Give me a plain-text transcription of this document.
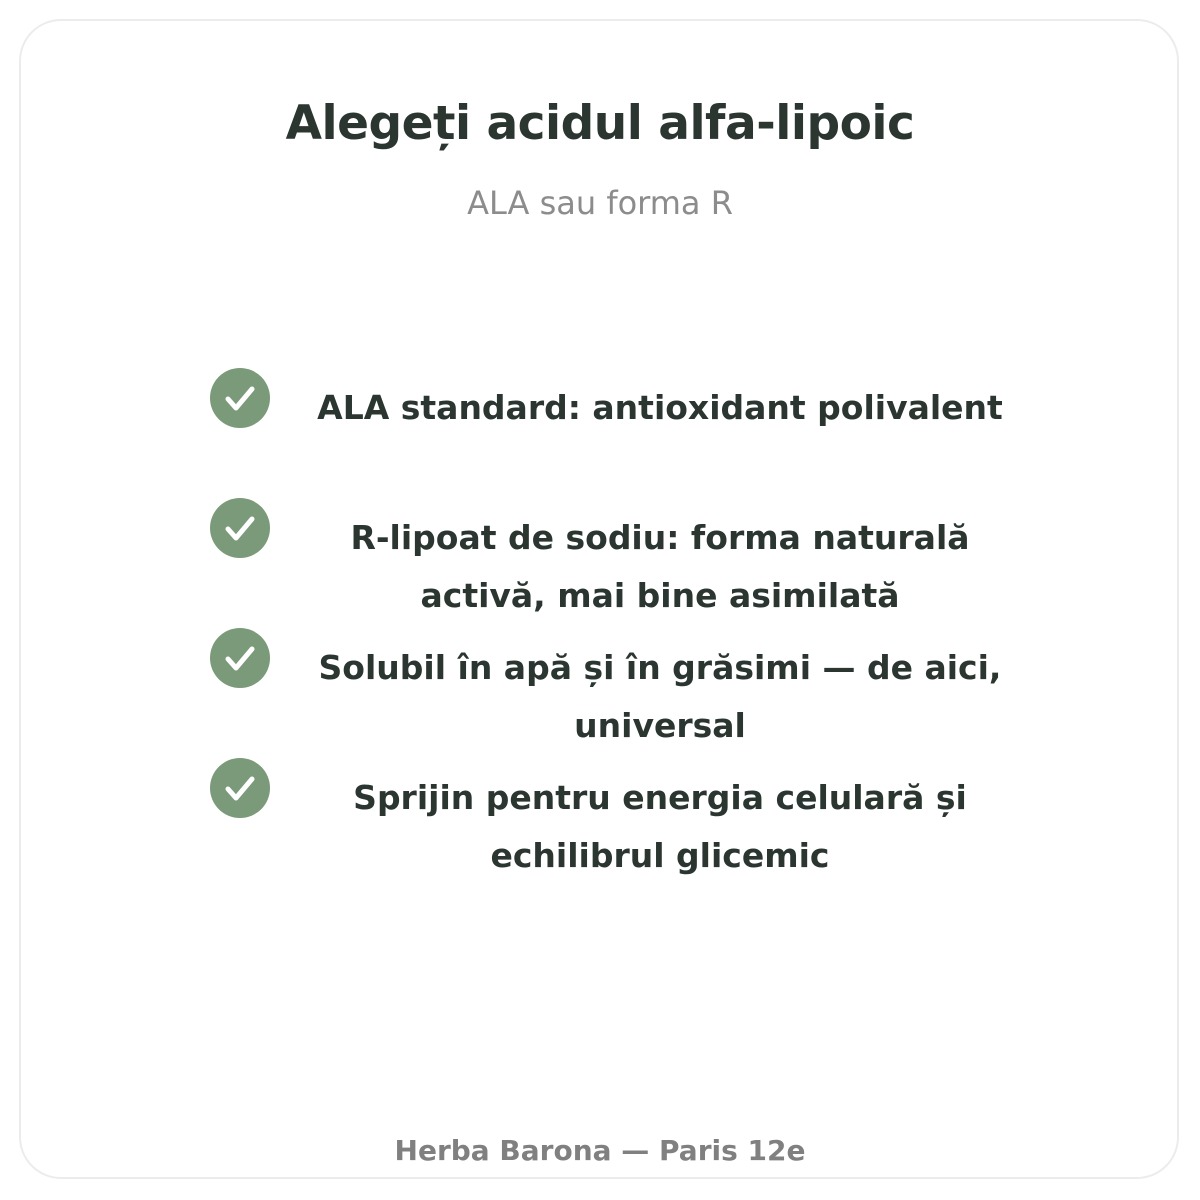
Alegeți acidul alfa-lipoic
ALA sau forma R
ALA standard: antioxidant polivalent
R-lipoat de sodiu: forma naturală activă, mai bine asimilată
Solubil în apă și în grăsimi — de aici, universal
Sprijin pentru energia celulară și echilibrul glicemic
Herba Barona — Paris 12e
